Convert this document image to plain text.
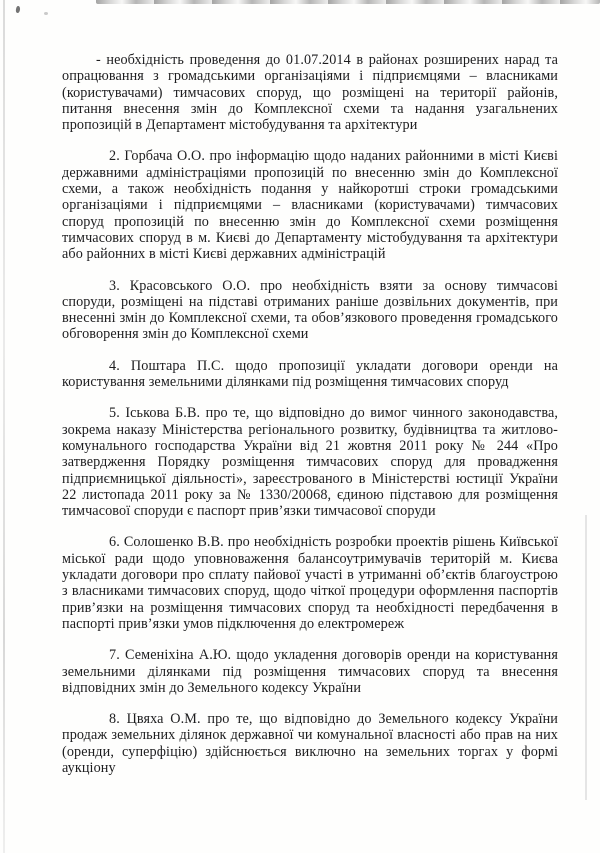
- необхідність проведення до 01.07.2014 в районах розширених нарад та опрацювання з громадськими організаціями і підприємцями – власниками (користувачами) тимчасових споруд, що розміщені на території районів, питання внесення змін до Комплексної схеми та надання узагальнених пропозицій в Департамент містобудування та архітектури

2. Горбача О.О. про інформацію щодо наданих районними в місті Києві державними адміністраціями пропозицій по внесенню змін до Комплексної схеми, а також необхідність подання у найкоротші строки громадськими організаціями і підприємцями – власниками (користувачами) тимчасових споруд пропозицій по внесенню змін до Комплексної схеми розміщення тимчасових споруд в м. Києві до Департаменту містобудування та архітектури або районних в місті Києві державних адміністрацій

3. Красовського О.О. про необхідність взяти за основу тимчасові споруди, розміщені на підставі отриманих раніше дозвільних документів, при внесенні змін до Комплексної схеми, та обов’язкового проведення громадського обговорення змін до Комплексної схеми

4. Поштара П.С. щодо пропозиції укладати договори оренди на користування земельними ділянками під розміщення тимчасових споруд

5. Іськова Б.В. про те, що відповідно до вимог чинного законодавства, зокрема наказу Міністерства регіонального розвитку, будівництва та житлово-комунального господарства України від 21 жовтня 2011 року № 244 «Про затвердження Порядку розміщення тимчасових споруд для провадження підприємницької діяльності», зареєстрованого в Міністерстві юстиції України 22 листопада 2011 року за № 1330/20068, єдиною підставою для розміщення тимчасової споруди є паспорт прив’язки тимчасової споруди

6. Солошенко В.В. про необхідність розробки проектів рішень Київської міської ради щодо уповноваження балансоутримувачів територій м. Києва укладати договори про сплату пайової участі в утриманні об’єктів благоустрою з власниками тимчасових споруд, щодо чіткої процедури оформлення паспортів прив’язки на розміщення тимчасових споруд та необхідності передбачення в паспорті прив’язки умов підключення до електромереж

7. Семеніхіна А.Ю. щодо укладення договорів оренди на користування земельними ділянками під розміщення тимчасових споруд та внесення відповідних змін до Земельного кодексу України

8. Цвяха О.М. про те, що відповідно до Земельного кодексу України продаж земельних ділянок державної чи комунальної власності або прав на них (оренди, суперфіцію) здійснюється виключно на земельних торгах у формі аукціону
